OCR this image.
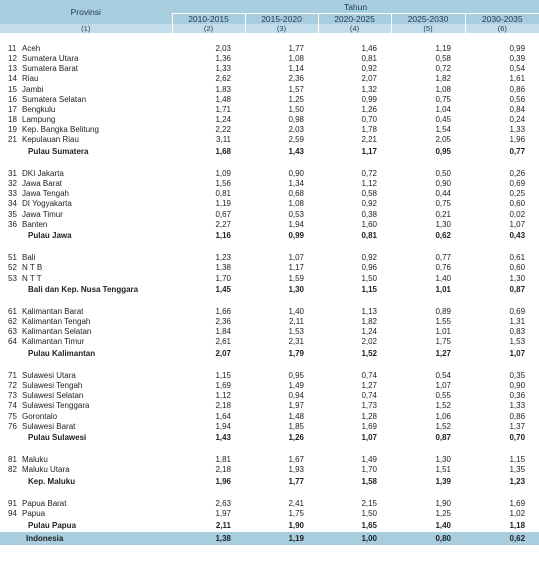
Provinsi		Tahun				
		2010-2015	2015-2020	2020-2025	2025-2030	2030-2035
(1)		(2)	(3)	(4)	(5)	(6)

11	Aceh	2,03	1,77	1,46	1,19	0,99
12	Sumatera Utara	1,36	1,08	0,81	0,58	0,39
13	Sumatera Barat	1,33	1,14	0,92	0,72	0,54
14	Riau	2,62	2,36	2,07	1,82	1,61
15	Jambi	1,83	1,57	1,32	1,08	0,86
16	Sumatera Selatan	1,48	1,25	0,99	0,75	0,56
17	Bengkulu	1,71	1,50	1,26	1,04	0,84
18	Lampung	1,24	0,98	0,70	0,45	0,24
19	Kep. Bangka Belitung	2,22	2,03	1,78	1,54	1,33
21	Kepulauan Riau	3,11	2,59	2,21	2,05	1,96
	Pulau Sumatera	1,68	1,43	1,17	0,95	0,77

31	DKI Jakarta	1,09	0,90	0,72	0,50	0,26
32	Jawa Barat	1,56	1,34	1,12	0,90	0,69
33	Jawa Tengah	0,81	0,68	0,58	0,44	0,25
34	DI Yogyakarta	1,19	1,08	0,92	0,75	0,60
35	Jawa Timur	0,67	0,53	0,38	0,21	0,02
36	Banten	2,27	1,94	1,60	1,30	1,07
	Pulau Jawa	1,16	0,99	0,81	0,62	0,43

51	Bali	1,23	1,07	0,92	0,77	0,61
52	N T B	1,38	1,17	0,96	0,76	0,60
53	N T T	1,70	1,59	1,50	1,40	1,30
	Bali dan Kep. Nusa Tenggara	1,45	1,30	1,15	1,01	0,87

61	Kalimantan Barat	1,66	1,40	1,13	0,89	0,69
62	Kalimantan Tengah	2,36	2,11	1,82	1,55	1,31
63	Kalimantan Selatan	1,84	1,53	1,24	1,01	0,83
64	Kalimantan Timur	2,61	2,31	2,02	1,75	1,53
	Pulau Kalimantan	2,07	1,79	1,52	1,27	1,07

71	Sulawesi Utara	1,15	0,95	0,74	0,54	0,35
72	Sulawesi Tengah	1,69	1,49	1,27	1,07	0,90
73	Sulawesi Selatan	1,12	0,94	0,74	0,55	0,36
74	Sulawesi Tenggara	2,18	1,97	1,73	1,52	1,33
75	Gorontalo	1,64	1,48	1,28	1,06	0,86
76	Sulawesi Barat	1,94	1,85	1,69	1,52	1,37
	Pulau Sulawesi	1,43	1,26	1,07	0,87	0,70

81	Maluku	1,81	1,67	1,49	1,30	1,15
82	Maluku Utara	2,18	1,93	1,70	1,51	1,35
	Kep. Maluku	1,96	1,77	1,58	1,39	1,23

91	Papua Barat	2,63	2,41	2,15	1,90	1,69
94	Papua	1,97	1,75	1,50	1,25	1,02
	Pulau Papua	2,11	1,90	1,65	1,40	1,18
	Indonesia	1,38	1,19	1,00	0,80	0,62
